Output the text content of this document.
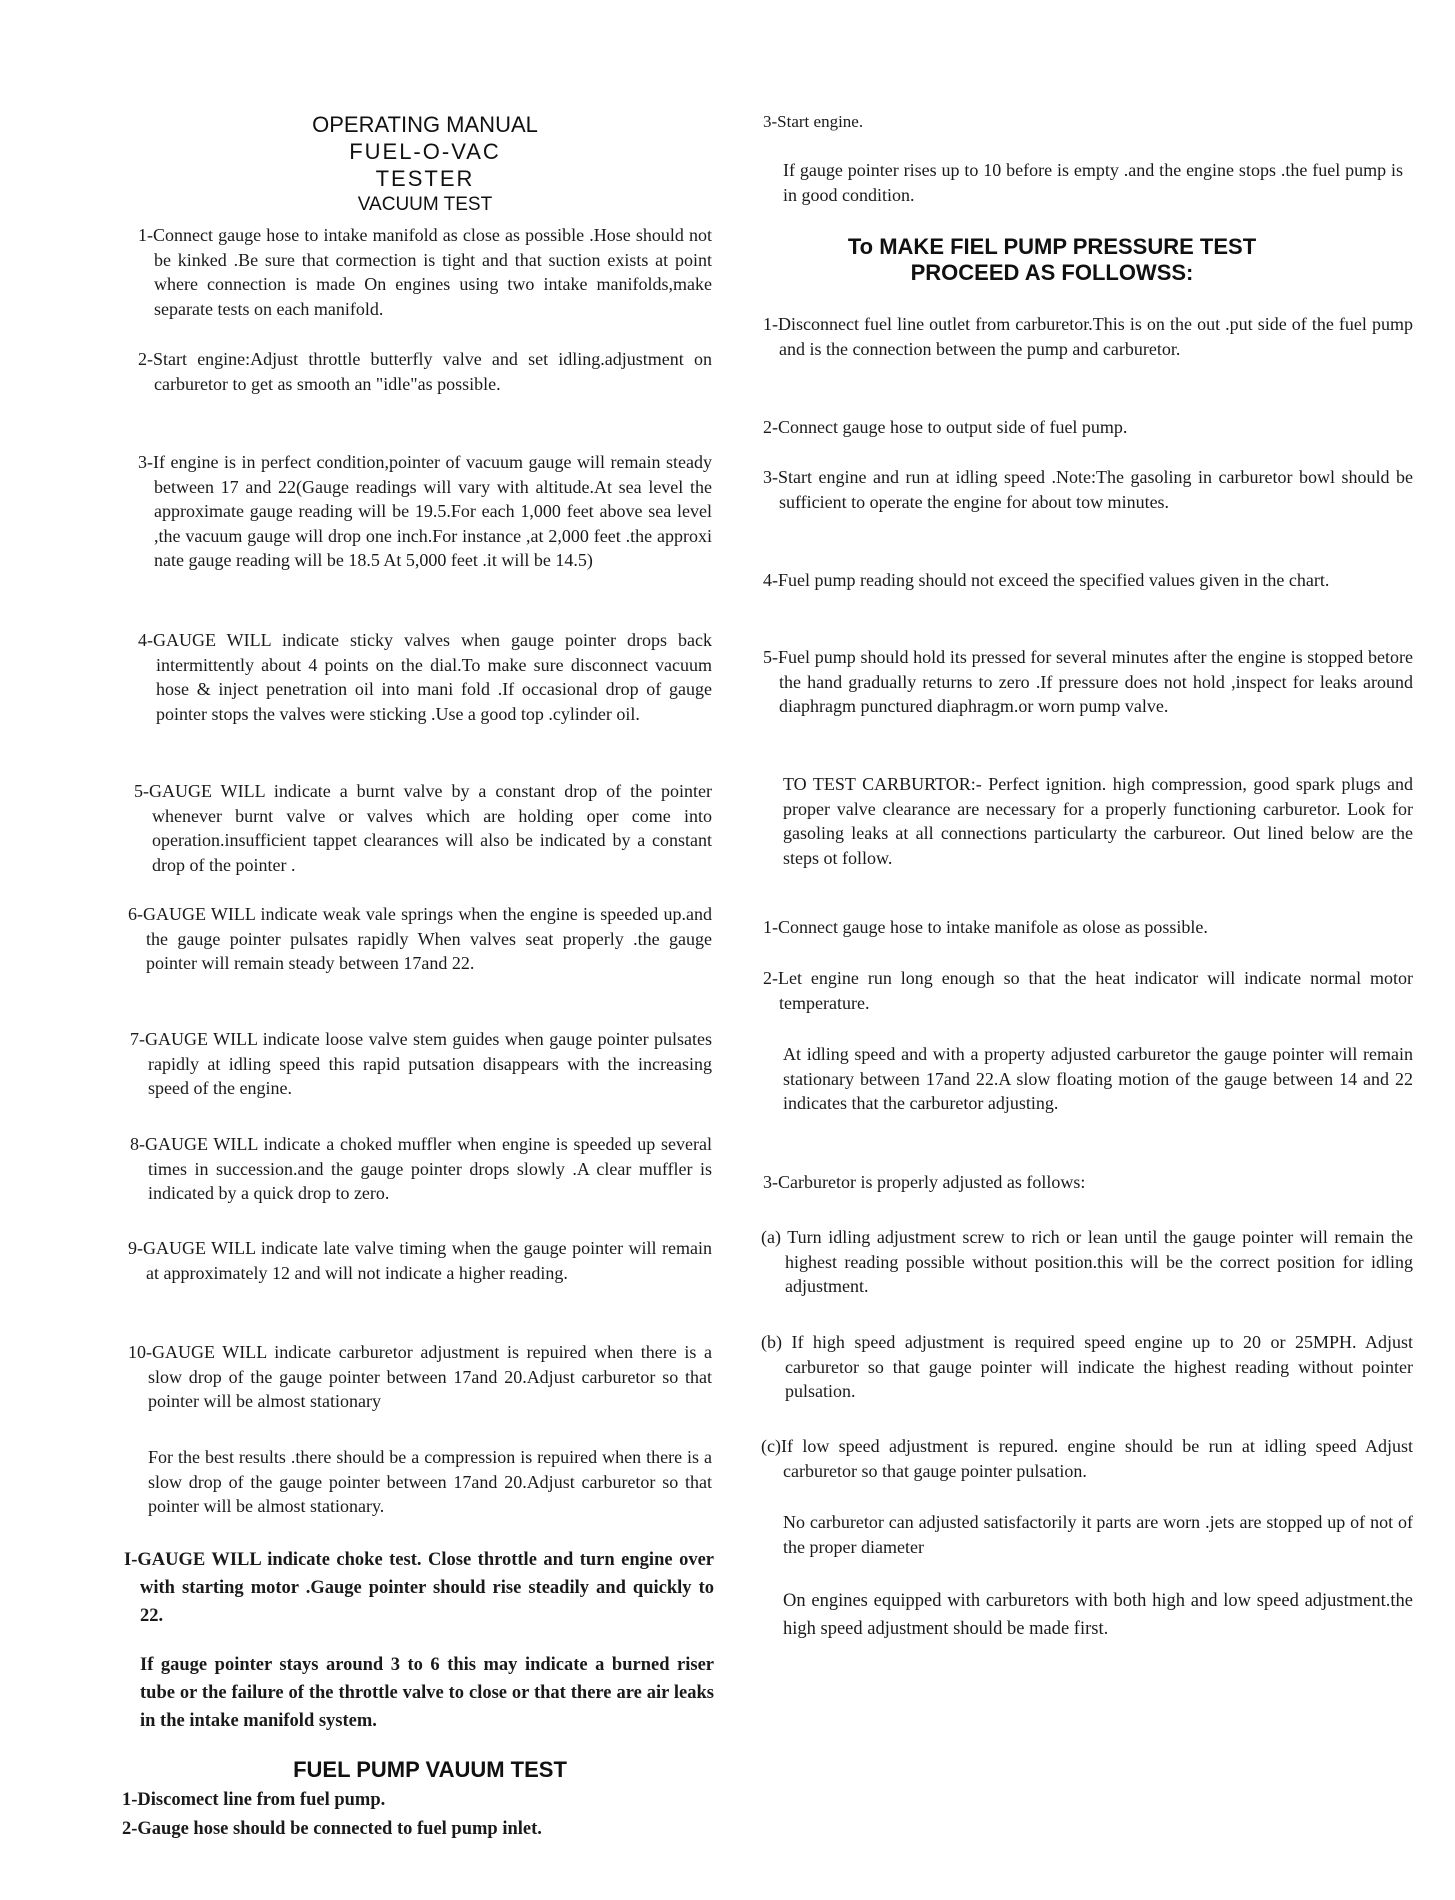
OPERATING MANUAL
FUEL-O-VAC
TESTER
VACUUM TEST

1-Connect gauge hose to intake manifold as close as possible .Hose should not be kinked .Be sure that cormection is tight and that suction exists at point where connection is made On engines using two intake manifolds,make separate tests on each manifold.

2-Start engine:Adjust throttle butterfly valve and set idling.adjustment on carburetor to get as smooth an "idle"as possible.

3-If engine is in perfect condition,pointer of vacuum gauge will remain steady between 17 and 22(Gauge readings will vary with altitude.At sea level the approximate gauge reading will be 19.5.For each 1,000 feet above sea level ,the vacuum gauge will drop one inch.For instance ,at 2,000 feet .the approxi nate gauge reading will be 18.5 At 5,000 feet .it will be 14.5)

4-GAUGE WILL indicate sticky valves when gauge pointer drops back intermittently about 4 points on the dial.To make sure disconnect vacuum hose & inject penetration oil into mani fold .If occasional drop of gauge pointer stops the valves were sticking .Use a good top .cylinder oil.

5-GAUGE WILL indicate a burnt valve by a constant drop of the pointer whenever burnt valve or valves which are holding oper come into operation.insufficient tappet clearances will also be indicated by a constant drop of the pointer .

6-GAUGE WILL indicate weak vale springs when the engine is speeded up.and the gauge pointer pulsates rapidly When valves seat properly .the gauge pointer will remain steady between 17and 22.

7-GAUGE WILL indicate loose valve stem guides when gauge pointer pulsates rapidly at idling speed this rapid putsation disappears with the increasing speed of the engine.

8-GAUGE WILL indicate a choked muffler when engine is speeded up several times in succession.and the gauge pointer drops slowly .A clear muffler is indicated by a quick drop to zero.

9-GAUGE WILL indicate late valve timing when the gauge pointer will remain at approximately 12 and will not indicate a higher reading.

10-GAUGE WILL indicate carburetor adjustment is repuired when there is a slow drop of the gauge pointer between 17and 20.Adjust carburetor so that pointer will be almost stationary

For the best results .there should be a compression is repuired when there is a slow drop of the gauge pointer between 17and 20.Adjust carburetor so that pointer will be almost stationary.

I-GAUGE WILL indicate choke test. Close throttle and turn engine over with starting motor .Gauge pointer should rise steadily and quickly to 22.

If gauge pointer stays around 3 to 6 this may indicate a burned riser tube or the failure of the throttle valve to close or that there are air leaks in the intake manifold system.

FUEL PUMP VAUUM TEST

1-Discomect line from fuel pump.

2-Gauge hose should be connected to fuel pump inlet.

3-Start engine.

If gauge pointer rises up to 10 before is empty .and the engine stops .the fuel pump is in good condition.

To MAKE FIEL PUMP PRESSURE TEST
PROCEED AS FOLLOWSS:

1-Disconnect fuel line outlet from carburetor.This is on the out .put side of the fuel pump and is the connection between the pump and carburetor.

2-Connect gauge hose to output side of fuel pump.

3-Start engine and run at idling speed .Note:The gasoling in carburetor bowl should be sufficient to operate the engine for about tow minutes.

4-Fuel pump reading should not exceed the specified values given in the chart.

5-Fuel pump should hold its pressed for several minutes after the engine is stopped betore the hand gradually returns to zero .If pressure does not hold ,inspect for leaks around diaphragm punctured diaphragm.or worn pump valve.

TO TEST CARBURTOR:- Perfect ignition. high compression, good spark plugs and proper valve clearance are necessary for a properly functioning carburetor. Look for gasoling leaks at all connections particularty the carbureor. Out lined below are the steps ot follow.

1-Connect gauge hose to intake manifole as olose as possible.

2-Let engine run long enough so that the heat indicator will indicate normal motor temperature.

At idling speed and with a property adjusted carburetor the gauge pointer will remain stationary between 17and 22.A slow floating motion of the gauge between 14 and 22 indicates that the carburetor adjusting.

3-Carburetor is properly adjusted as follows:

(a) Turn idling adjustment screw to rich or lean until the gauge pointer will remain the highest reading possible without position.this will be the correct position for idling adjustment.

(b) If high speed adjustment is required speed engine up to 20 or 25MPH. Adjust carburetor so that gauge pointer will indicate the highest reading without pointer pulsation.

(c)If low speed adjustment is repured. engine should be run at idling speed Adjust carburetor so that gauge pointer pulsation.

No carburetor can adjusted satisfactorily it parts are worn .jets are stopped up of not of the proper diameter

On engines equipped with carburetors with both high and low speed adjustment.the high speed adjustment should be made first.
